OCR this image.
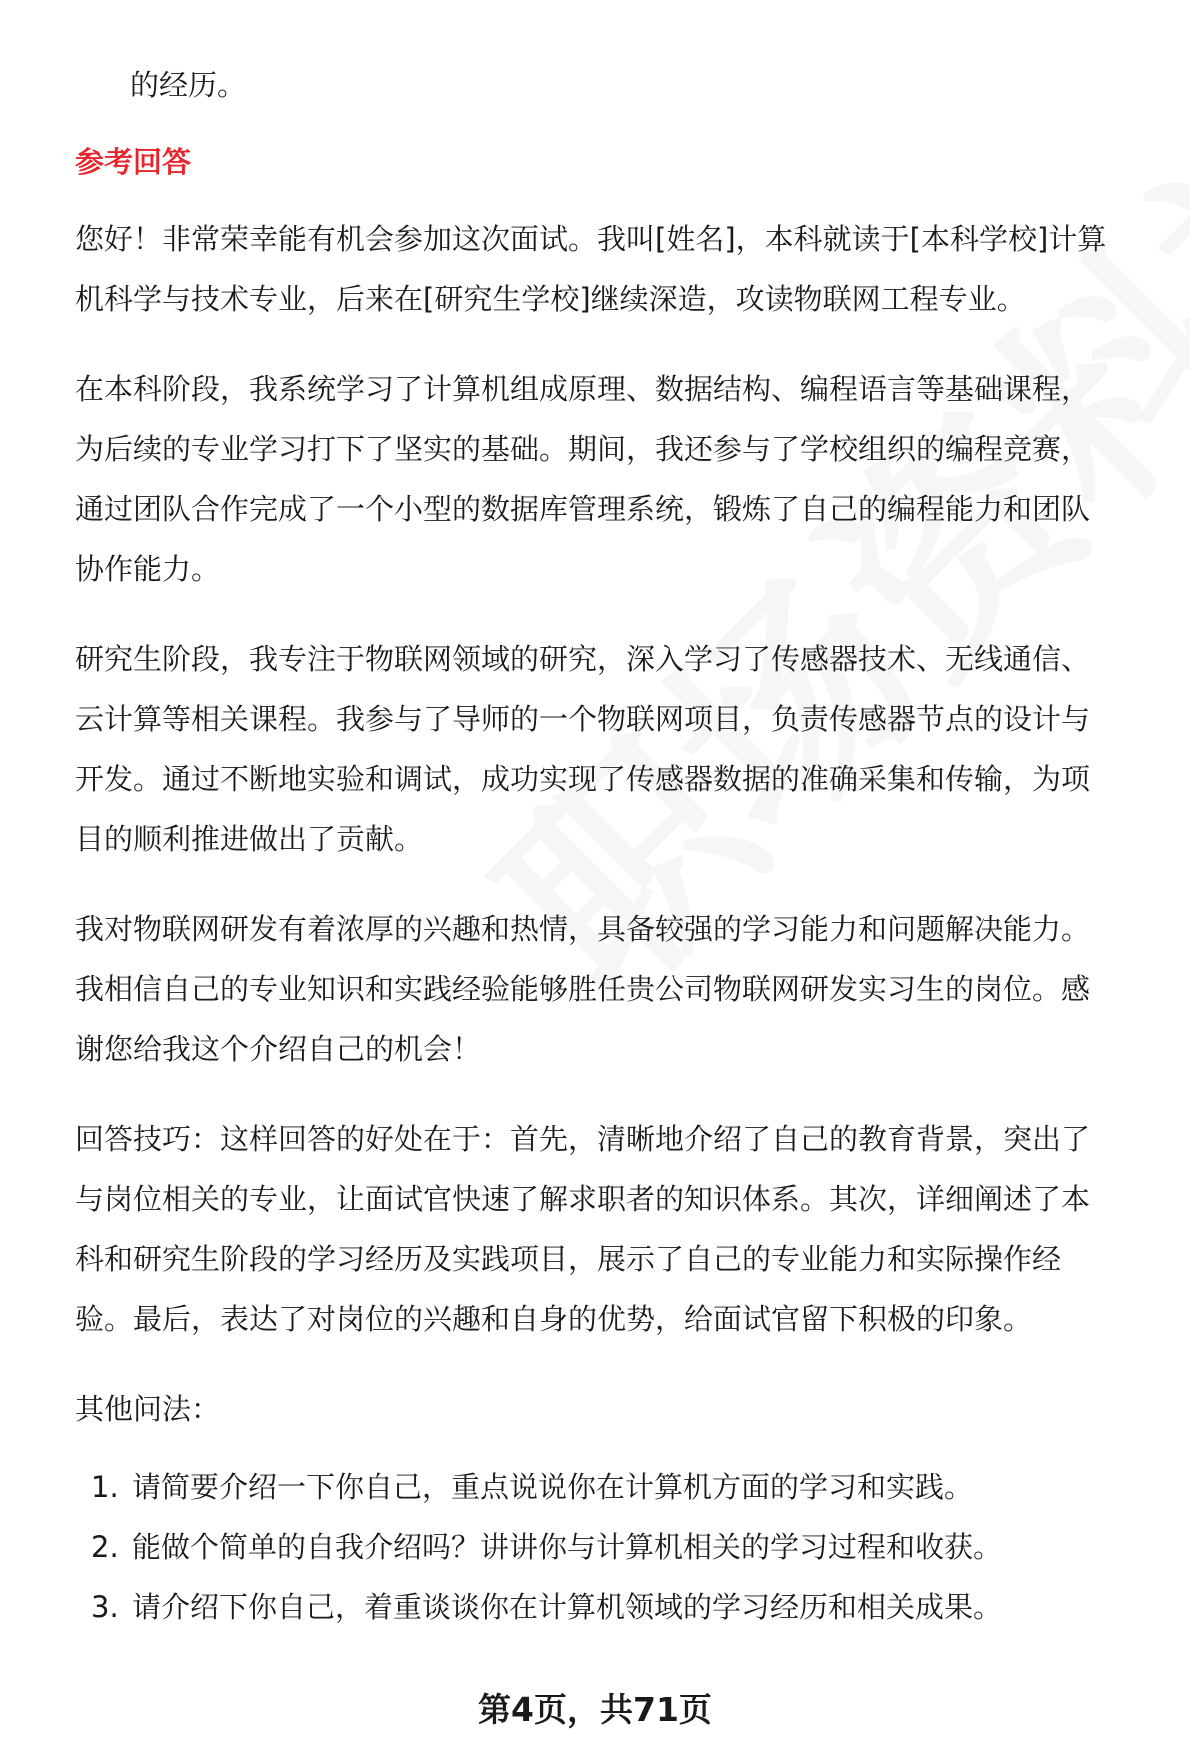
的经历。
参考回答

您好！非常荣幸能有机会参加这次面试。我叫[姓名]，本科就读于[本科学校]计算机科学与技术专业，后来在[研究生学校]继续深造，攻读物联网工程专业。

在本科阶段，我系统学习了计算机组成原理、数据结构、编程语言等基础课程，为后续的专业学习打下了坚实的基础。期间，我还参与了学校组织的编程竞赛，通过团队合作完成了一个小型的数据库管理系统，锻炼了自己的编程能力和团队协作能力。

研究生阶段，我专注于物联网领域的研究，深入学习了传感器技术、无线通信、云计算等相关课程。我参与了导师的一个物联网项目，负责传感器节点的设计与开发。通过不断地实验和调试，成功实现了传感器数据的准确采集和传输，为项目的顺利推进做出了贡献。

我对物联网研发有着浓厚的兴趣和热情，具备较强的学习能力和问题解决能力。我相信自己的专业知识和实践经验能够胜任贵公司物联网研发实习生的岗位。感谢您给我这个介绍自己的机会！

回答技巧：这样回答的好处在于：首先，清晰地介绍了自己的教育背景，突出了与岗位相关的专业，让面试官快速了解求职者的知识体系。其次，详细阐述了本科和研究生阶段的学习经历及实践项目，展示了自己的专业能力和实际操作经验。最后，表达了对岗位的兴趣和自身的优势，给面试官留下积极的印象。

其他问法：
1. 请简要介绍一下你自己，重点说说你在计算机方面的学习和实践。
2. 能做个简单的自我介绍吗？讲讲你与计算机相关的学习过程和收获。
3. 请介绍下你自己，着重谈谈你在计算机领域的学习经历和相关成果。
第4页，共71页
